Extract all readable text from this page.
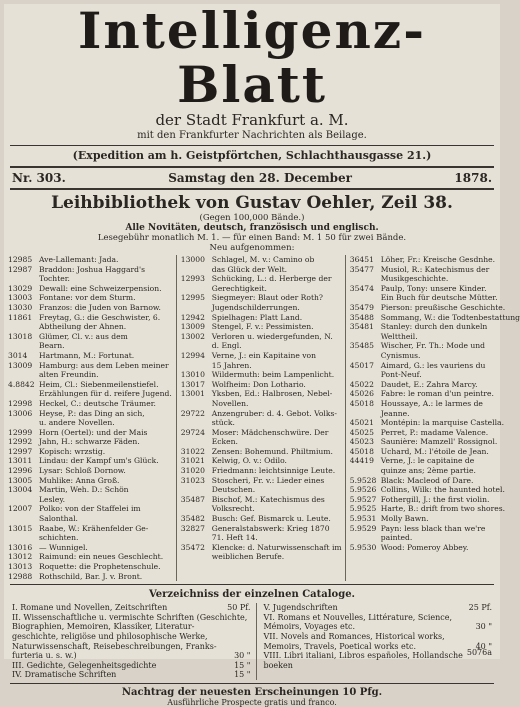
Intelligenz-Blatt
der Stadt Frankfurt a. M.
mit den Frankfurter Nachrichten als Beilage.
(Expedition am h. Geistpförtchen, Schlachthausgasse 21.)
Nr. 303.	Samstag den 28. December	1878.
Leihbibliothek von Gustav Oehler, Zeil 38.
(Gegen 100,000 Bände.)
Alle Novitäten, deutsch, französisch und englisch.
Lesegebühr monatlich M. 1. — für einen Band: M. 1 50 für zwei Bände.
Neu aufgenommen:
12985 Ave-Lallemant: Jada.
12987 Braddon: Joshua Haggard's
Tochter.
13029 Dewall: eine Schweizerpension.
13003 Fontane: vor dem Sturm.
13030 Franzos: die Juden von Barnow.
11861 Freytag, G.: die Geschwister, 6.
Abtheilung der Ahnen.
13018 Glümer, Cl. v.: aus dem
Bearn.
3014 Hartmann, M.: Fortunat.
13009 Hamburg: aus dem Leben meiner
alten Freundin.
4.8842 Heim, Cl.: Siebenmeilenstiefel.
Erzählungen für d. reifere Jugend.
12998 Heckel, C.: deutsche Träumer.
13006 Heyse, P.: das Ding an sich,
u. andere Novellen.
12999 Horn (Oertel): und der Mais
12992 Jahn, H.: schwarze Fäden.
12997 Kopisch: wrzstig.
13011 Lindau: der Kampf um's Glück.
12996 Lysar: Schloß Dornow.
13005 Muhlike: Anna Groß.
13004 Martin, Weh. D.: Schön
Lesley.
12007 Polko: von der Staffelei im
Salonthal.
13015 Raabe, W.: Krähenfelder Ge-
schichten.
13016 — Wunnigel.
13012 Raimund: ein neues Geschlecht.
13013 Roquette: die Prophetenschule.
12988 Rothschild, Bar. J. v. Bront.
13000 Schlagel, M. v.: Camino ob
das Glück der Welt.
12993 Schücking, L.: d. Herberge der
Gerechtigkeit.
12995 Siegmeyer: Blaut oder Roth?
Jugendschilderrungen.
12942 Spielhagen: Platt Land.
13009 Stengel, F. v.: Pessimisten.
13002 Verloren u. wiedergefunden, N.
d. Engl.
12994 Verne, J.: ein Kapitaine von
15 Jahren.
13010 Wildermuth: beim Lampenlicht.
13017 Wolfheim: Don Lothario.
13001 Yksben, Ed.: Halbrosen, Nebel-
Novellen.
29722 Anzengruber: d. 4. Gebot. Volks-
stück.
29724 Moser: Mädchenschwüre. Der
Ecken.
31022 Zensen: Bohemund. Philtmium.
31021 Kelwig, O. v.: Odilo.
31020 Friedmann: leichtsinnige Leute.
31023 Stoscheri, Fr. v.: Lieder eines
Deutschen.
35487 Bischof, M.: Katechismus des
Volksrecht.
35482 Busch: Gef. Bismarck u. Leute.
32827 Generalstabswerk: Krieg 1870
71. Heft 14.
35472 Klencke: d. Naturwissenschaft im
weiblichen Berufe.
36451 Löher, Fr.: Kreische Gesdnhe.
35477 Musiol, R.: Katechismus der
Musikgeschichte.
35474 Paulp, Tony: unsere Kinder.
Ein Buch für deutsche Mütter.
35479 Pierson: preußische Geschichte.
35488 Sommang, W.: die Todtenbestattung
35481 Stanley: durch den dunkeln
Welttheil.
35485 Wischer, Fr. Th.: Mode und
Cynismus.
45017 Aimard, G.: les vauriens du
Pont-Neuf.
45022 Daudet, E.: Zahra Marcy.
45026 Fabre: le roman d'un peintre.
45018 Houssaye, A.: le larmes de
Jeanne.
45021 Montépin: la marquise Castella.
45025 Perret, P.: madame Valence.
45023 Saunière: Mamzell' Rossignol.
45018 Uchard, M.: l'étoile de Jean.
44419 Verne, J.: le capitaine de
quinze ans; 2ème partie.
5.9528 Black: Macleod of Dare.
5.9526 Collins, Wilk: the haunted hotel.
5.9527 Fothergill, J.: the first violin.
5.9525 Harte, B.: drift from two shores.
5.9531 Molly Bawn.
5.9529 Payn: less black than we're
painted.
5.9530 Wood: Pomeroy Abbey.
Verzeichniss der einzelnen Cataloge.
I. Romane und Novellen, Zeitschriften	50 Pf.
II. Wissenschaftliche u. vermischte Schriften (Geschichte,
Biographien, Memoiren, Klassiker, Literatur-
geschichte, religiöse und philosophische Werke,
Naturwissenschaft, Reisebeschreibungen, Franks-
furteria u. s. w.)	30 "
III. Gedichte, Gelegenheitsgedichte	15 "
IV. Dramatische Schriften	15 "
V. Jugendschriften	25 Pf.
VI. Romans et Nouvelles, Littérature, Science,
Mémoirs, Voyages etc.	30 "
VII. Novels and Romances, Historical works,
Memoirs, Travels, Poetical works etc.	40 "
VIII. Libri italiani, Libros españoles, Hollandsche
boeken
Nachtrag der neuesten Erscheinungen 10 Pfg.
Ausführliche Prospecte gratis und franco.
5076a
